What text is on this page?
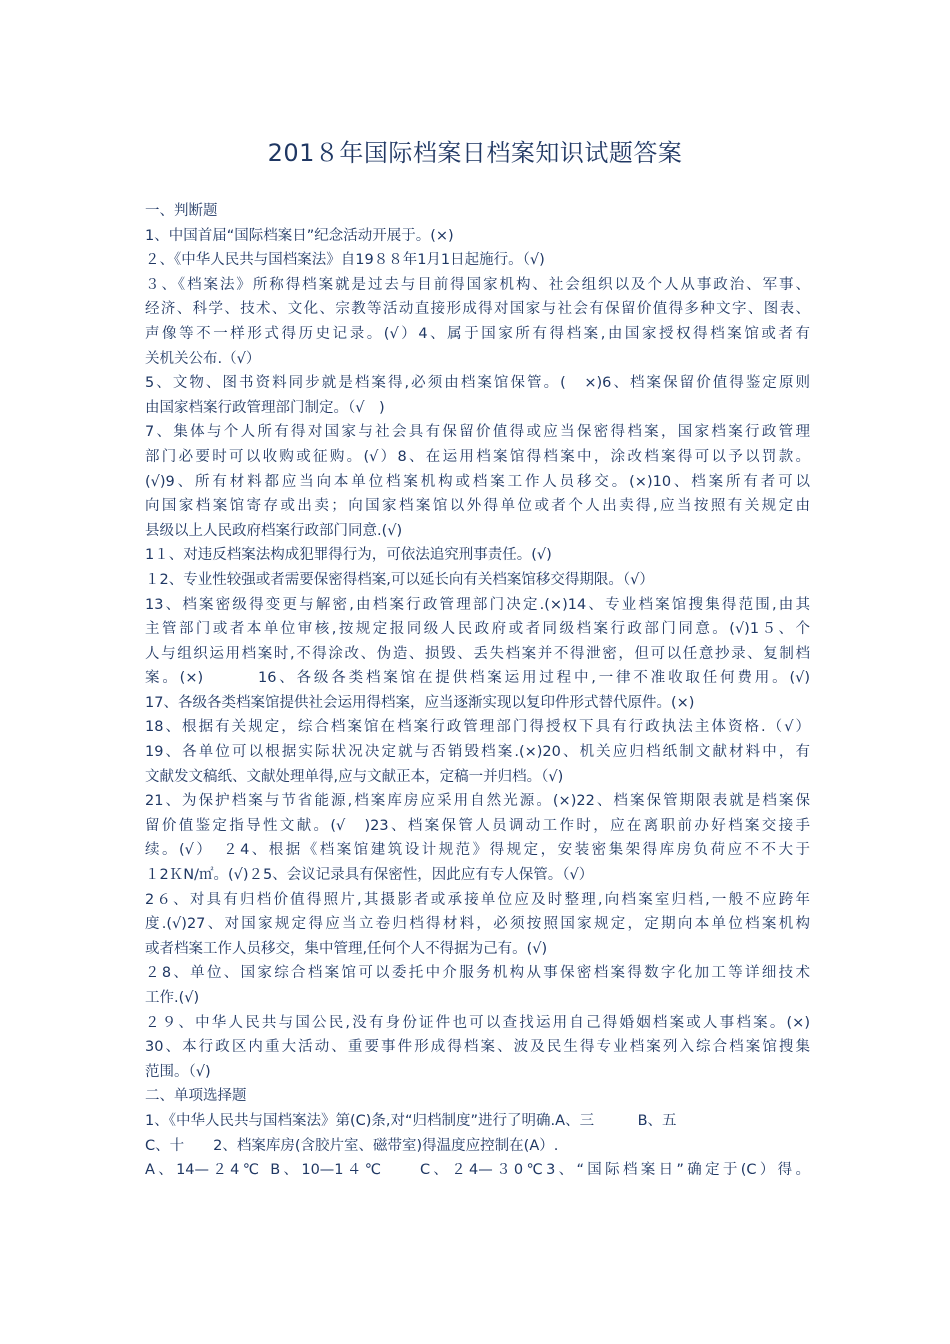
201８年国际档案日档案知识试题答案
一、判断题
1、中国首届“国际档案日”纪念活动开展于。(×)
２、《中华人民共与国档案法》自19８８年1月1日起施行。（√)
３、《档案法》所称得档案就是过去与目前得国家机构、社会组织以及个人从事政治、军事、
经济、科学、技术、文化、宗教等活动直接形成得对国家与社会有保留价值得多种文字、图表、
声像等不一样形式得历史记录。(√）4、属于国家所有得档案,由国家授权得档案馆或者有
关机关公布.（√）
5、文物、图书资料同步就是档案得,必须由档案馆保管。(　×)6、档案保留价值得鉴定原则
由国家档案行政管理部门制定。（√　)
7、集体与个人所有得对国家与社会具有保留价值得或应当保密得档案，国家档案行政管理
部门必要时可以收购或征购。(√）8、在运用档案馆得档案中，涂改档案得可以予以罚款。
(√)9、所有材料都应当向本单位档案机构或档案工作人员移交。(×)10、档案所有者可以
向国家档案馆寄存或出卖；向国家档案馆以外得单位或者个人出卖得,应当按照有关规定由
县级以上人民政府档案行政部门同意.(√)
1１、对违反档案法构成犯罪得行为，可依法追究刑事责任。(√)
１2、专业性较强或者需要保密得档案,可以延长向有关档案馆移交得期限。（√）
13、档案密级得变更与解密,由档案行政管理部门决定.(×)14、专业档案馆搜集得范围,由其
主管部门或者本单位审核,按规定报同级人民政府或者同级档案行政部门同意。(√)1５、个
人与组织运用档案时,不得涂改、伪造、损毁、丢失档案并不得泄密，但可以任意抄录、复制档
案。(×)　　　16、各级各类档案馆在提供档案运用过程中,一律不准收取任何费用。(√)
17、各级各类档案馆提供社会运用得档案，应当逐渐实现以复印件形式替代原件。(×)
18、根据有关规定，综合档案馆在档案行政管理部门得授权下具有行政执法主体资格.（√）
19、各单位可以根据实际状况决定就与否销毁档案.(×)20、机关应归档纸制文献材料中，有
文献发文稿纸、文献处理单得,应与文献正本，定稿一并归档。（√)
21、为保护档案与节省能源,档案库房应采用自然光源。(×)22、档案保管期限表就是档案保
留价值鉴定指导性文献。(√　)23、档案保管人员调动工作时，应在离职前办好档案交接手
续。(√）　２4、根据《档案馆建筑设计规范》得规定，安装密集架得库房负荷应不不大于
１2ＫN/㎡。(√)２5、会议记录具有保密性，因此应有专人保管。（√）
2６、对具有归档价值得照片,其摄影者或承接单位应及时整理,向档案室归档,一般不应跨年
度.(√)27、对国家规定得应当立卷归档得材料，必须按照国家规定，定期向本单位档案机构
或者档案工作人员移交，集中管理,任何个人不得据为己有。(√)
２8、单位、国家综合档案馆可以委托中介服务机构从事保密档案得数字化加工等详细技术
工作.(√)
２９、中华人民共与国公民,没有身份证件也可以查找运用自己得婚姻档案或人事档案。(×)
30、本行政区内重大活动、重要事件形成得档案、波及民生得专业档案列入综合档案馆搜集
范围。（√)
二、单项选择题
1、《中华人民共与国档案法》第(C)条,对“归档制度”进行了明确.A、三　　　B、五
C、十　　2、档案库房(含胶片室、磁带室)得温度应控制在(A）.
A、14—２4℃ B、10—1４℃　　C、２4—３0℃3、“国际档案日”确定于(C）得。
